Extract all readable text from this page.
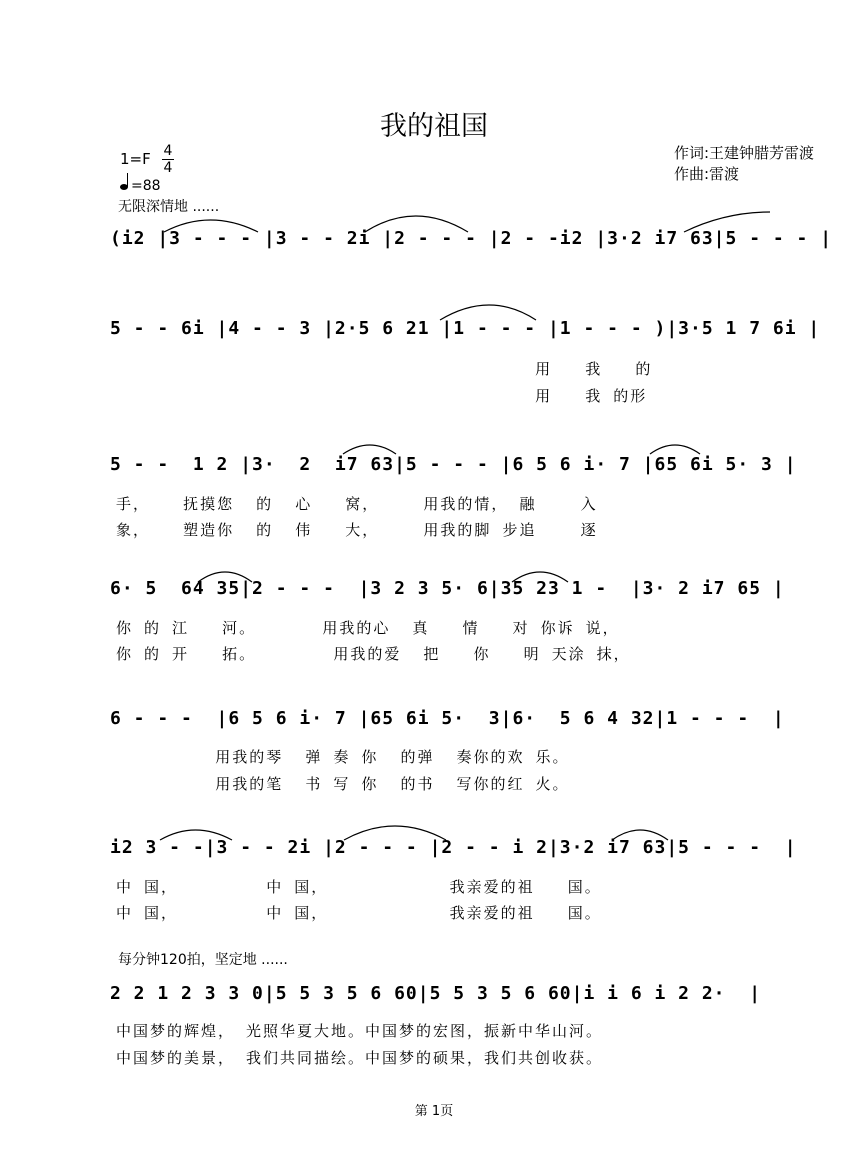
我的祖国
1=F 4
4
=88
作词:王建钟腊芳雷渡
作曲:雷渡
无限深情地 ......
(i2 |3 - - - |3 - - 2i |2 - - - |2 - -i2 |3·2 i7 63|5 - - - |
5 - - 6i |4 - - 3 |2·5 6 21 |1 - - - |1 - - - )|3·5 1 7 6i |
用   我   的
用   我 的形
5 - -  1 2 |3·  2  i7 63|5 - - - |6 5 6 i· 7 |65 6i 5· 3 |
手，   抚摸您  的  心   窝，    用我的情， 融    入
象，   塑造你  的  伟   大，    用我的脚 步追    逐
6· 5  64 35|2 - - -  |3 2 3 5· 6|35 23 1 -  |3· 2 i7 65 |
你 的 江   河。      用我的心  真   情   对 你诉 说，
你 的 开   拓。       用我的爱  把   你   明 天涂 抹，
6 - - -  |6 5 6 i· 7 |65 6i 5·  3|6·  5 6 4 32|1 - - -  |
用我的琴  弹 奏 你  的弹  奏你的欢 乐。
用我的笔  书 写 你  的书  写你的红 火。
i2 3 - -|3 - - 2i |2 - - - |2 - - i 2|3·2 i7 63|5 - - -  |
中 国，        中 国，           我亲爱的祖   国。
中 国，        中 国，           我亲爱的祖   国。
每分钟120拍，坚定地 ......
2 2 1 2 3 3 0|5 5 3 5 6 60|5 5 3 5 6 60|i i 6 i 2 2·  |
中国梦的辉煌， 光照华夏大地。中国梦的宏图，振新中华山河。
中国梦的美景， 我们共同描绘。中国梦的硕果，我们共创收获。
第 1页
